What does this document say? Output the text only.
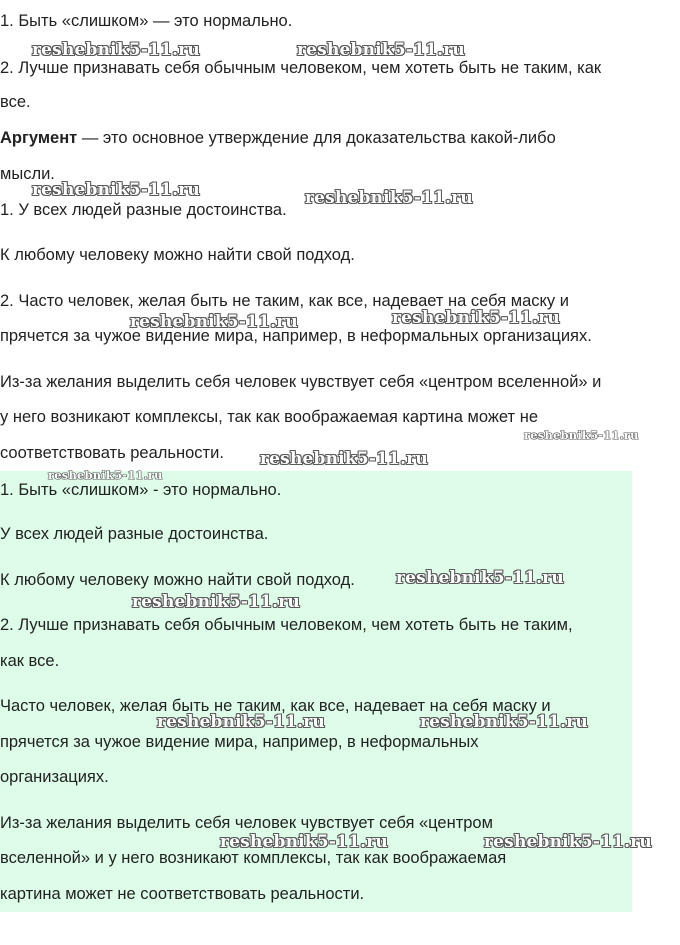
1. Быть «слишком» — это нормально.
2. Лучше признавать себя обычным человеком, чем хотеть быть не таким, как
все.
Аргумент — это основное утверждение для доказательства какой-либо
мысли.
1. У всех людей разные достоинства.
К любому человеку можно найти свой подход.
2. Часто человек, желая быть не таким, как все, надевает на себя маску и
прячется за чужое видение мира, например, в неформальных организациях.
Из-за желания выделить себя человек чувствует себя «центром вселенной» и
у него возникают комплексы, так как воображаемая картина может не
соответствовать реальности.
1. Быть «слишком» - это нормально.
У всех людей разные достоинства.
К любому человеку можно найти свой подход.
2. Лучше признавать себя обычным человеком, чем хотеть быть не таким,
как все.
Часто человек, желая быть не таким, как все, надевает на себя маску и
прячется за чужое видение мира, например, в неформальных
организациях.
Из-за желания выделить себя человек чувствует себя «центром
вселенной» и у него возникают комплексы, так как воображаемая
картина может не соответствовать реальности.
reshebnik5-11.ru	reshebnik5-11.ru
reshebnik5-11.ru	reshebnik5-11.ru
reshebnik5-11.ru	reshebnik5-11.ru
reshebnik5-11.ru
reshebnik5-11.ru
reshebnik5-11.ru
reshebnik5-11.ru
reshebnik5-11.ru
reshebnik5-11.ru	reshebnik5-11.ru
reshebnik5-11.ru	reshebnik5-11.ru
